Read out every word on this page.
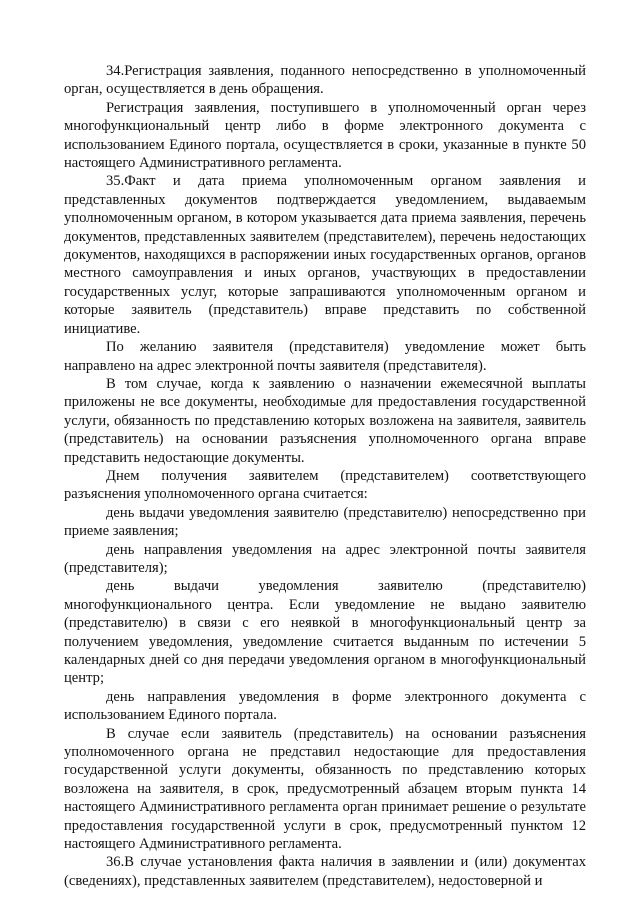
34.Регистрация заявления, поданного непосредственно в уполномоченный орган, осуществляется в день обращения.

Регистрация заявления, поступившего в уполномоченный орган через многофункциональный центр либо в форме электронного документа с использованием Единого портала, осуществляется в сроки, указанные в пункте 50 настоящего Административного регламента.

35.Факт и дата приема уполномоченным органом заявления и представленных документов подтверждается уведомлением, выдаваемым уполномоченным органом, в котором указывается дата приема заявления, перечень документов, представленных заявителем (представителем), перечень недостающих документов, находящихся в распоряжении иных государственных органов, органов местного самоуправления и иных органов, участвующих в предоставлении государственных услуг, которые запрашиваются уполномоченным органом и которые заявитель (представитель) вправе представить по собственной инициативе.

По желанию заявителя (представителя) уведомление может быть направлено на адрес электронной почты заявителя (представителя).

В том случае, когда к заявлению о назначении ежемесячной выплаты приложены не все документы, необходимые для предоставления государственной услуги, обязанность по представлению которых возложена на заявителя, заявитель (представитель) на основании разъяснения уполномоченного органа вправе представить недостающие документы.

Днем получения заявителем (представителем) соответствующего разъяснения уполномоченного органа считается:

день выдачи уведомления заявителю (представителю) непосредственно при приеме заявления;

день направления уведомления на адрес электронной почты заявителя (представителя);

день выдачи уведомления заявителю (представителю) многофункционального центра. Если уведомление не выдано заявителю (представителю) в связи с его неявкой в многофункциональный центр за получением уведомления, уведомление считается выданным по истечении 5 календарных дней со дня передачи уведомления органом в многофункциональный центр;

день направления уведомления в форме электронного документа с использованием Единого портала.

В случае если заявитель (представитель) на основании разъяснения уполномоченного органа не представил недостающие для предоставления государственной услуги документы, обязанность по представлению которых возложена на заявителя, в срок, предусмотренный абзацем вторым пункта 14 настоящего Административного регламента орган принимает решение о результате предоставления государственной услуги в срок, предусмотренный пунктом 12 настоящего Административного регламента.

36.В случае установления факта наличия в заявлении и (или) документах (сведениях), представленных заявителем (представителем), недостоверной и
